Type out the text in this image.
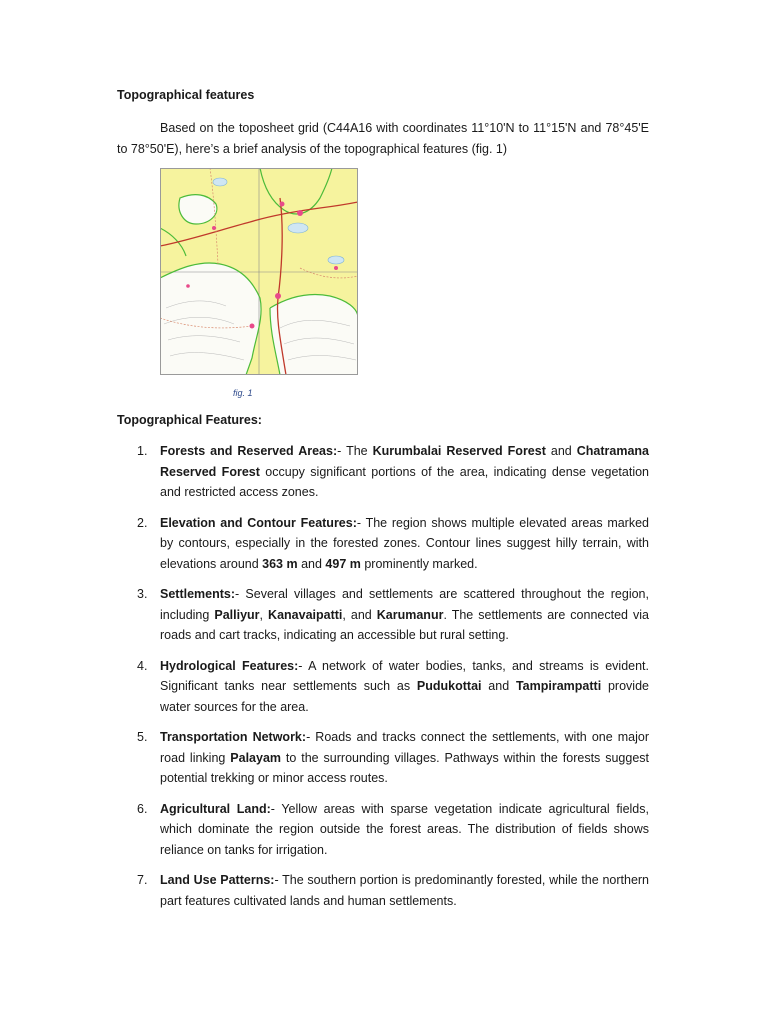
Topographical features

Based on the toposheet grid (C44A16 with coordinates 11°10'N to 11°15'N and 78°45'E to 78°50'E), here’s a brief analysis of the topographical features (fig. 1)

fig. 1

Topographical Features:
1. Forests and Reserved Areas:- The Kurumbalai Reserved Forest and Chatramana Reserved Forest occupy significant portions of the area, indicating dense vegetation and restricted access zones.
2. Elevation and Contour Features:- The region shows multiple elevated areas marked by contours, especially in the forested zones. Contour lines suggest hilly terrain, with elevations around 363 m and 497 m prominently marked.
3. Settlements:- Several villages and settlements are scattered throughout the region, including Palliyur, Kanavaipatti, and Karumanur. The settlements are connected via roads and cart tracks, indicating an accessible but rural setting.
4. Hydrological Features:- A network of water bodies, tanks, and streams is evident. Significant tanks near settlements such as Pudukottai and Tampirampatti provide water sources for the area.
5. Transportation Network:- Roads and tracks connect the settlements, with one major road linking Palayam to the surrounding villages. Pathways within the forests suggest potential trekking or minor access routes.
6. Agricultural Land:- Yellow areas with sparse vegetation indicate agricultural fields, which dominate the region outside the forest areas. The distribution of fields shows reliance on tanks for irrigation.
7. Land Use Patterns:- The southern portion is predominantly forested, while the northern part features cultivated lands and human settlements.
